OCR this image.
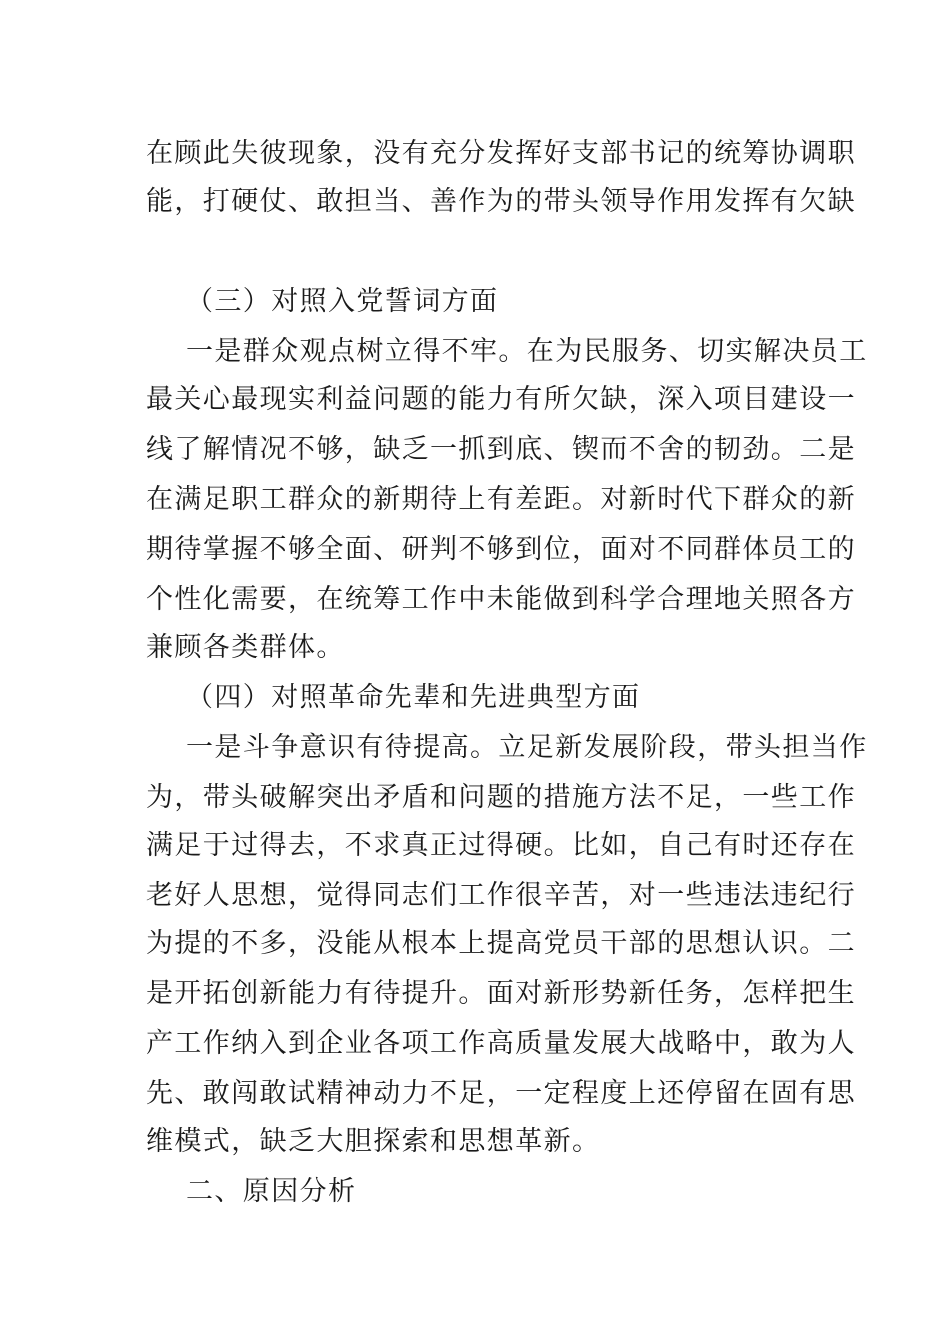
在顾此失彼现象，没有充分发挥好支部书记的统筹协调职
能，打硬仗、敢担当、善作为的带头领导作用发挥有欠缺
（三）对照入党誓词方面
一是群众观点树立得不牢。在为民服务、切实解决员工
最关心最现实利益问题的能力有所欠缺，深入项目建设一
线了解情况不够，缺乏一抓到底、锲而不舍的韧劲。二是
在满足职工群众的新期待上有差距。对新时代下群众的新
期待掌握不够全面、研判不够到位，面对不同群体员工的
个性化需要，在统筹工作中未能做到科学合理地关照各方
兼顾各类群体。
（四）对照革命先辈和先进典型方面
一是斗争意识有待提高。立足新发展阶段，带头担当作
为，带头破解突出矛盾和问题的措施方法不足，一些工作
满足于过得去，不求真正过得硬。比如，自己有时还存在
老好人思想，觉得同志们工作很辛苦，对一些违法违纪行
为提的不多，没能从根本上提高党员干部的思想认识。二
是开拓创新能力有待提升。面对新形势新任务，怎样把生
产工作纳入到企业各项工作高质量发展大战略中，敢为人
先、敢闯敢试精神动力不足，一定程度上还停留在固有思
维模式，缺乏大胆探索和思想革新。
二、原因分析
